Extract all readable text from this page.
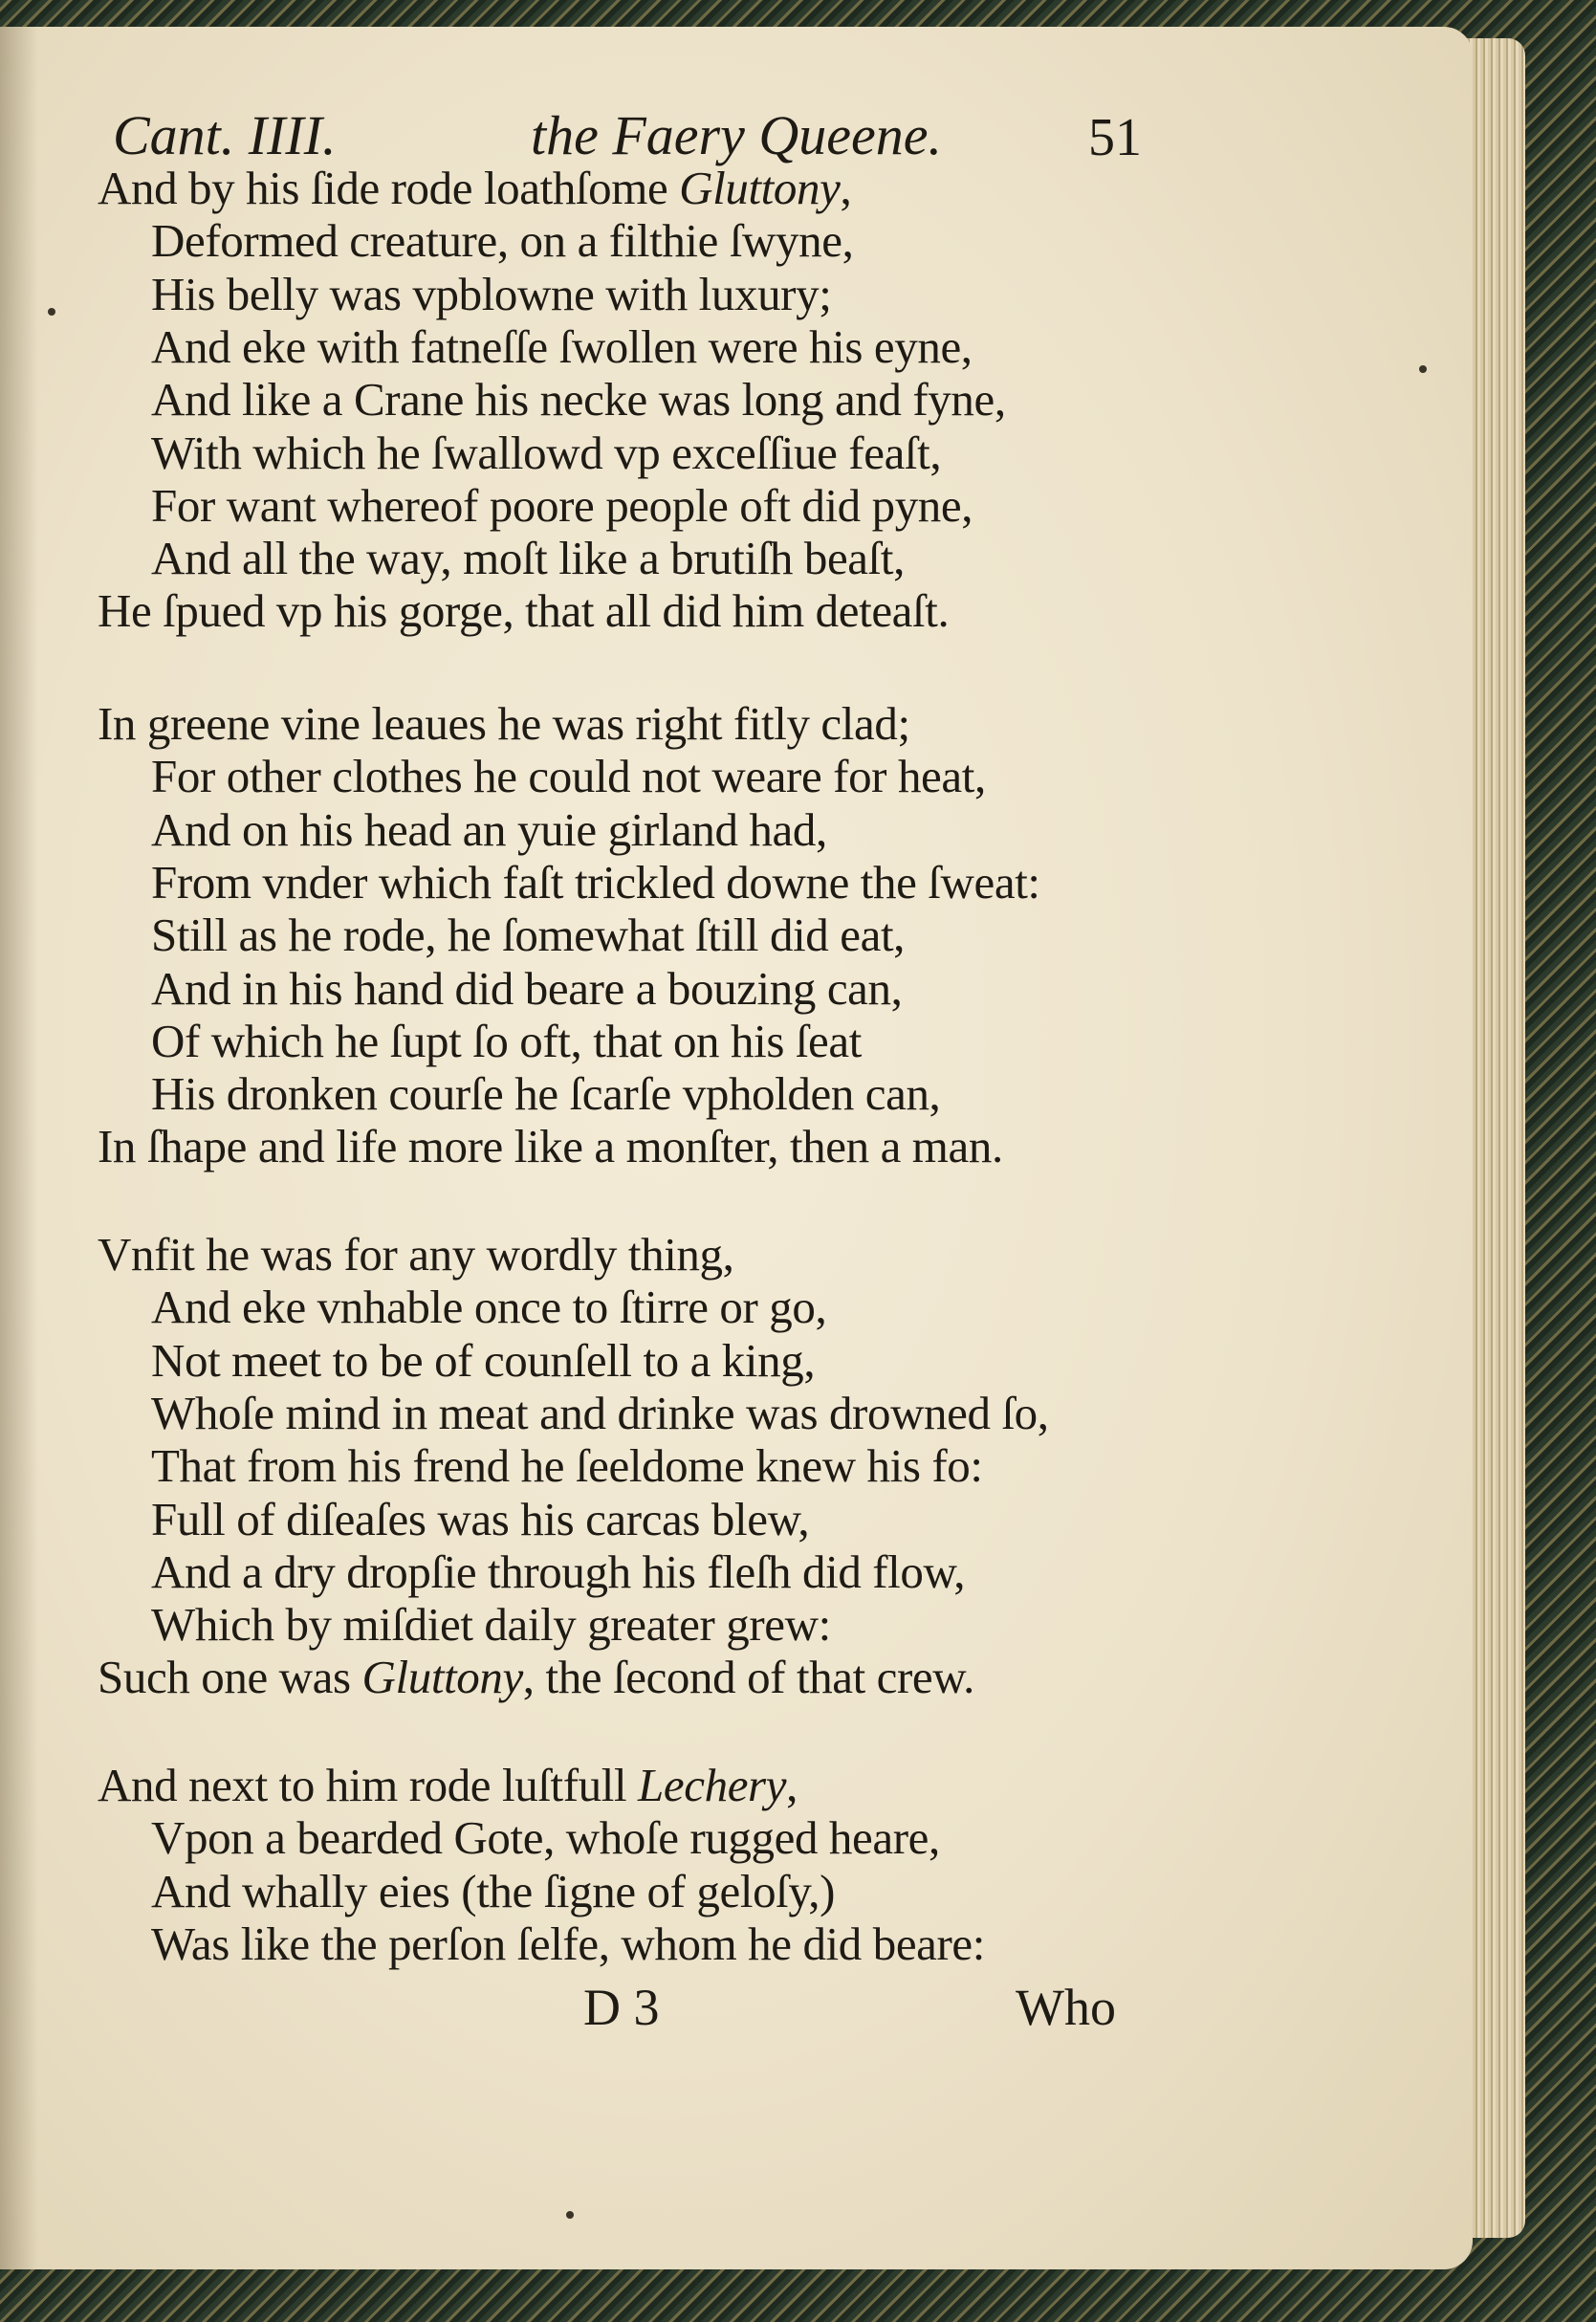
Cant. IIII.	the Faery Queene.	51
And by his ſide rode loathſome Gluttony,
Deformed creature, on a filthie ſwyne,
His belly was vpblowne with luxury;
And eke with fatneſſe ſwollen were his eyne,
And like a Crane his necke was long and fyne,
With which he ſwallowd vp exceſſiue feaſt,
For want whereof poore people oft did pyne,
And all the way, moſt like a brutiſh beaſt,
He ſpued vp his gorge, that all did him deteaſt.
In greene vine leaues he was right fitly clad;
For other clothes he could not weare for heat,
And on his head an yuie girland had,
From vnder which faſt trickled downe the ſweat:
Still as he rode, he ſomewhat ſtill did eat,
And in his hand did beare a bouzing can,
Of which he ſupt ſo oft, that on his ſeat
His dronken courſe he ſcarſe vpholden can,
In ſhape and life more like a monſter, then a man.
Vnfit he was for any wordly thing,
And eke vnhable once to ſtirre or go,
Not meet to be of counſell to a king,
Whoſe mind in meat and drinke was drowned ſo,
That from his frend he ſeeldome knew his fo:
Full of diſeaſes was his carcas blew,
And a dry dropſie through his fleſh did flow,
Which by miſdiet daily greater grew:
Such one was Gluttony, the ſecond of that crew.
And next to him rode luſtfull Lechery,
Vpon a bearded Gote, whoſe rugged heare,
And whally eies (the ſigne of geloſy,)
Was like the perſon ſelfe, whom he did beare:
D 3	Who
